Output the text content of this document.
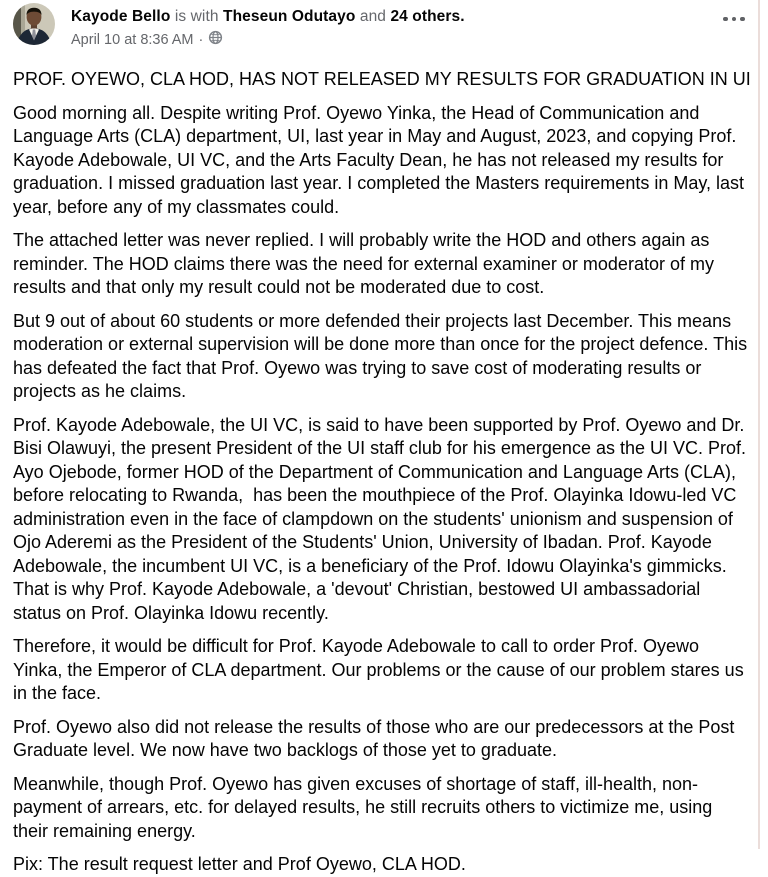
Kayode Bello is with Theseun Odutayo and 24 others.
April 10 at 8:36 AM ·

PROF. OYEWO, CLA HOD, HAS NOT RELEASED MY RESULTS FOR GRADUATION IN UI

Good morning all. Despite writing Prof. Oyewo Yinka, the Head of Communication and Language Arts (CLA) department, UI, last year in May and August, 2023, and copying Prof. Kayode Adebowale, UI VC, and the Arts Faculty Dean, he has not released my results for graduation. I missed graduation last year. I completed the Masters requirements in May, last year, before any of my classmates could.

The attached letter was never replied. I will probably write the HOD and others again as reminder. The HOD claims there was the need for external examiner or moderator of my results and that only my result could not be moderated due to cost.

But 9 out of about 60 students or more defended their projects last December. This means moderation or external supervision will be done more than once for the project defence. This has defeated the fact that Prof. Oyewo was trying to save cost of moderating results or projects as he claims.

Prof. Kayode Adebowale, the UI VC, is said to have been supported by Prof. Oyewo and Dr. Bisi Olawuyi, the present President of the UI staff club for his emergence as the UI VC. Prof. Ayo Ojebode, former HOD of the Department of Communication and Language Arts (CLA), before relocating to Rwanda,  has been the mouthpiece of the Prof. Olayinka Idowu-led VC administration even in the face of clampdown on the students' unionism and suspension of Ojo Aderemi as the President of the Students' Union, University of Ibadan. Prof. Kayode Adebowale, the incumbent UI VC, is a beneficiary of the Prof. Idowu Olayinka's gimmicks. That is why Prof. Kayode Adebowale, a 'devout' Christian, bestowed UI ambassadorial status on Prof. Olayinka Idowu recently.

Therefore, it would be difficult for Prof. Kayode Adebowale to call to order Prof. Oyewo Yinka, the Emperor of CLA department. Our problems or the cause of our problem stares us in the face.

Prof. Oyewo also did not release the results of those who are our predecessors at the Post Graduate level. We now have two backlogs of those yet to graduate.

Meanwhile, though Prof. Oyewo has given excuses of shortage of staff, ill-health, non-payment of arrears, etc. for delayed results, he still recruits others to victimize me, using their remaining energy.

Pix: The result request letter and Prof Oyewo, CLA HOD.
